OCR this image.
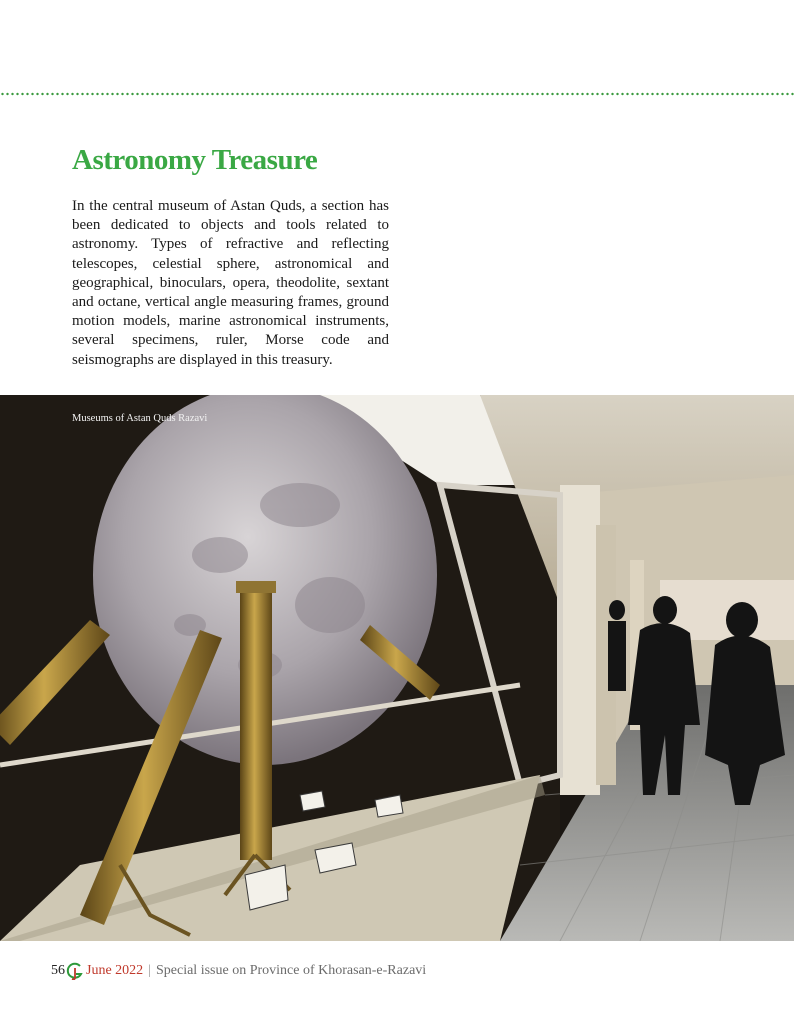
Astronomy Treasure

In the central museum of Astan Quds, a section has been dedicated to objects and tools related to astronomy. Types of refractive and reflecting telescopes, celestial sphere, astronomical and geographical, binoculars, opera, theodolite, sextant and octane, vertical angle measuring frames, ground motion models, marine astronomical instruments, several specimens, ruler, Morse code and seismographs are displayed in this treasury.

Museums of Astan Quds Razavi
56 June 2022 | Special issue on Province of Khorasan-e-Razavi
